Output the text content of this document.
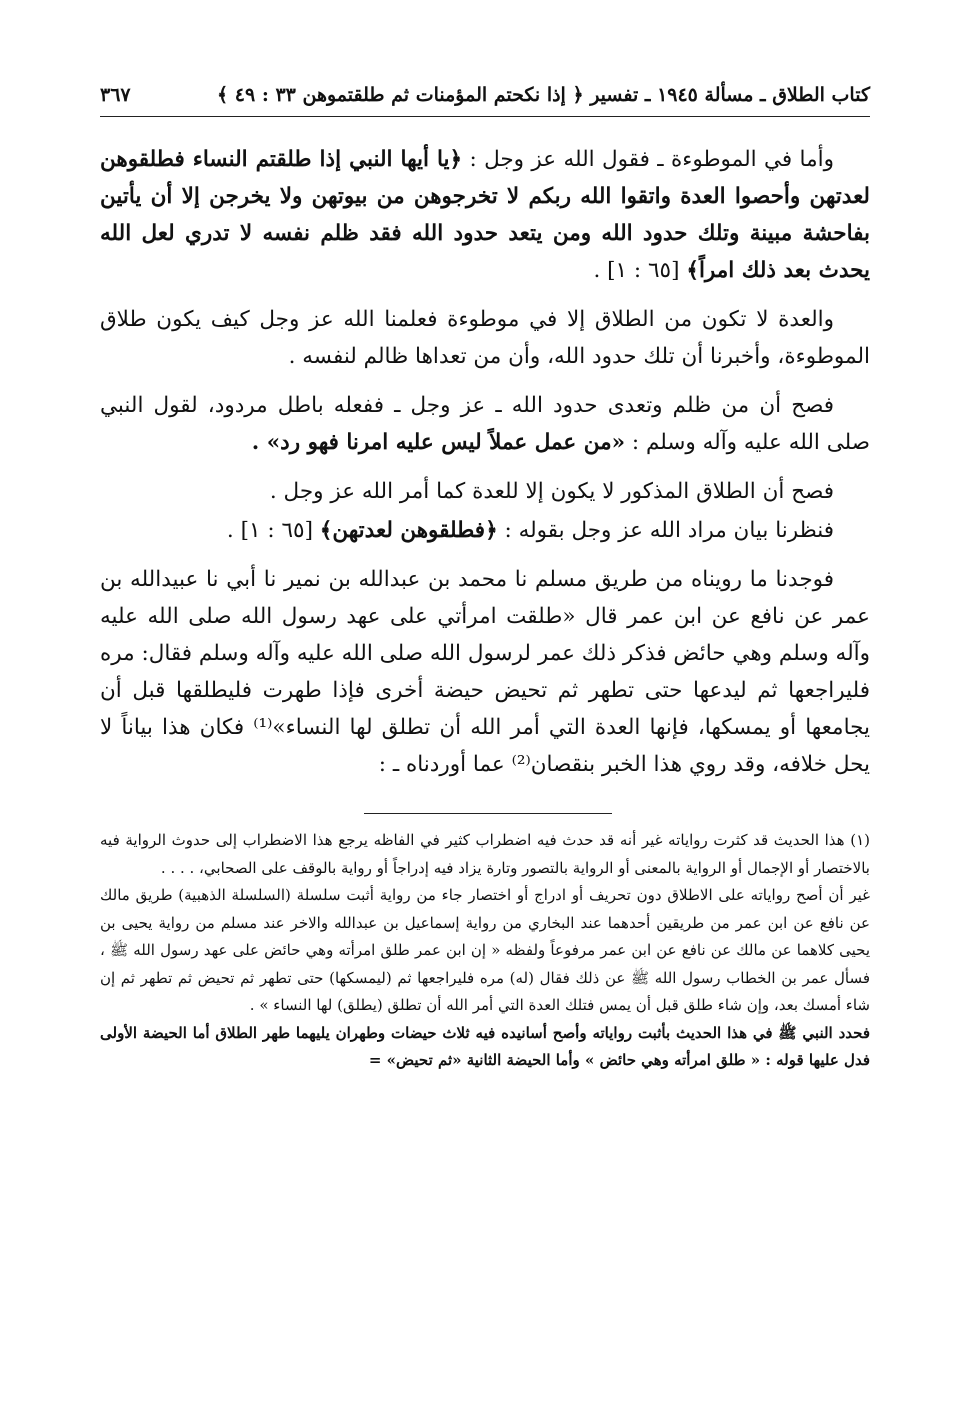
كتاب الطلاق ـ مسألة ١٩٤٥ ـ تفسير ﴿ إذا نكحتم المؤمنات ثم طلقتموهن ٣٣ : ٤٩ ﴾
٣٦٧

وأما في الموطوءة ـ فقول الله عز وجل : ﴿يا أيها النبي إذا طلقتم النساء فطلقوهن لعدتهن وأحصوا العدة واتقوا الله ربكم لا تخرجوهن من بيوتهن ولا يخرجن إلا أن يأتين بفاحشة مبينة وتلك حدود الله ومن يتعد حدود الله فقد ظلم نفسه لا تدري لعل الله يحدث بعد ذلك امراً﴾ [٦٥ : ١] .

والعدة لا تكون من الطلاق إلا في موطوءة فعلمنا الله عز وجل كيف يكون طلاق الموطوءة، وأخبرنا أن تلك حدود الله، وأن من تعداها ظالم لنفسه .

فصح أن من ظلم وتعدى حدود الله ـ عز وجل ـ ففعله باطل مردود، لقول النبي صلى الله عليه وآله وسلم : «من عمل عملاً ليس عليه امرنا فهو رد» .

فصح أن الطلاق المذكور لا يكون إلا للعدة كما أمر الله عز وجل .

فنظرنا بيان مراد الله عز وجل بقوله : ﴿فطلقوهن لعدتهن﴾ [٦٥ : ١] .

فوجدنا ما رويناه من طريق مسلم نا محمد بن عبدالله بن نمير نا أبي نا عبيدالله بن عمر عن نافع عن ابن عمر قال «طلقت امرأتي على عهد رسول الله صلى الله عليه وآله وسلم وهي حائض فذكر ذلك عمر لرسول الله صلى الله عليه وآله وسلم فقال: مره فليراجعها ثم ليدعها حتى تطهر ثم تحيض حيضة أخرى فإذا طهرت فليطلقها قبل أن يجامعها أو يمسكها، فإنها العدة التي أمر الله أن تطلق لها النساء»⁽¹⁾ فكان هذا بياناً لا يحل خلافه، وقد روي هذا الخبر بنقصان⁽²⁾ عما أوردناه ـ :

(١) هذا الحديث قد كثرت رواياته غير أنه قد حدث فيه اضطراب كثير في الفاظه يرجع هذا الاضطراب إلى حدوث الرواية فيه بالاختصار أو الإجمال أو الرواية بالمعنى أو الرواية بالتصور وتارة يزاد فيه إدراجاً أو رواية بالوقف على الصحابي، . . . .

غير أن أصح رواياته على الاطلاق دون تحريف أو ادراج أو اختصار جاء من رواية أثبت سلسلة (السلسلة الذهبية) طريق مالك عن نافع عن ابن عمر من طريقين أحدهما عند البخاري من رواية إسماعيل بن عبدالله والاخر عند مسلم من رواية يحيى بن يحيى كلاهما عن مالك عن نافع عن ابن عمر مرفوعاً ولفظه « إن ابن عمر طلق امرأته وهي حائض على عهد رسول الله ﷺ ، فسأل عمر بن الخطاب رسول الله ﷺ عن ذلك فقال (له) مره فليراجعها ثم (ليمسكها) حتى تطهر ثم تحيض ثم تطهر ثم إن شاء أمسك بعد، وإن شاء طلق قبل أن يمس فتلك العدة التي أمر الله أن تطلق (يطلق) لها النساء » .

فحدد النبي ﷺ في هذا الحديث بأثبت رواياته وأصح أسانيده فيه ثلاث حيضات وطهران يليهما طهر الطلاق أما الحيضة الأولى فدل عليها قوله : « طلق امرأته وهي حائض » وأما الحيضة الثانية «ثم تحيض» =
